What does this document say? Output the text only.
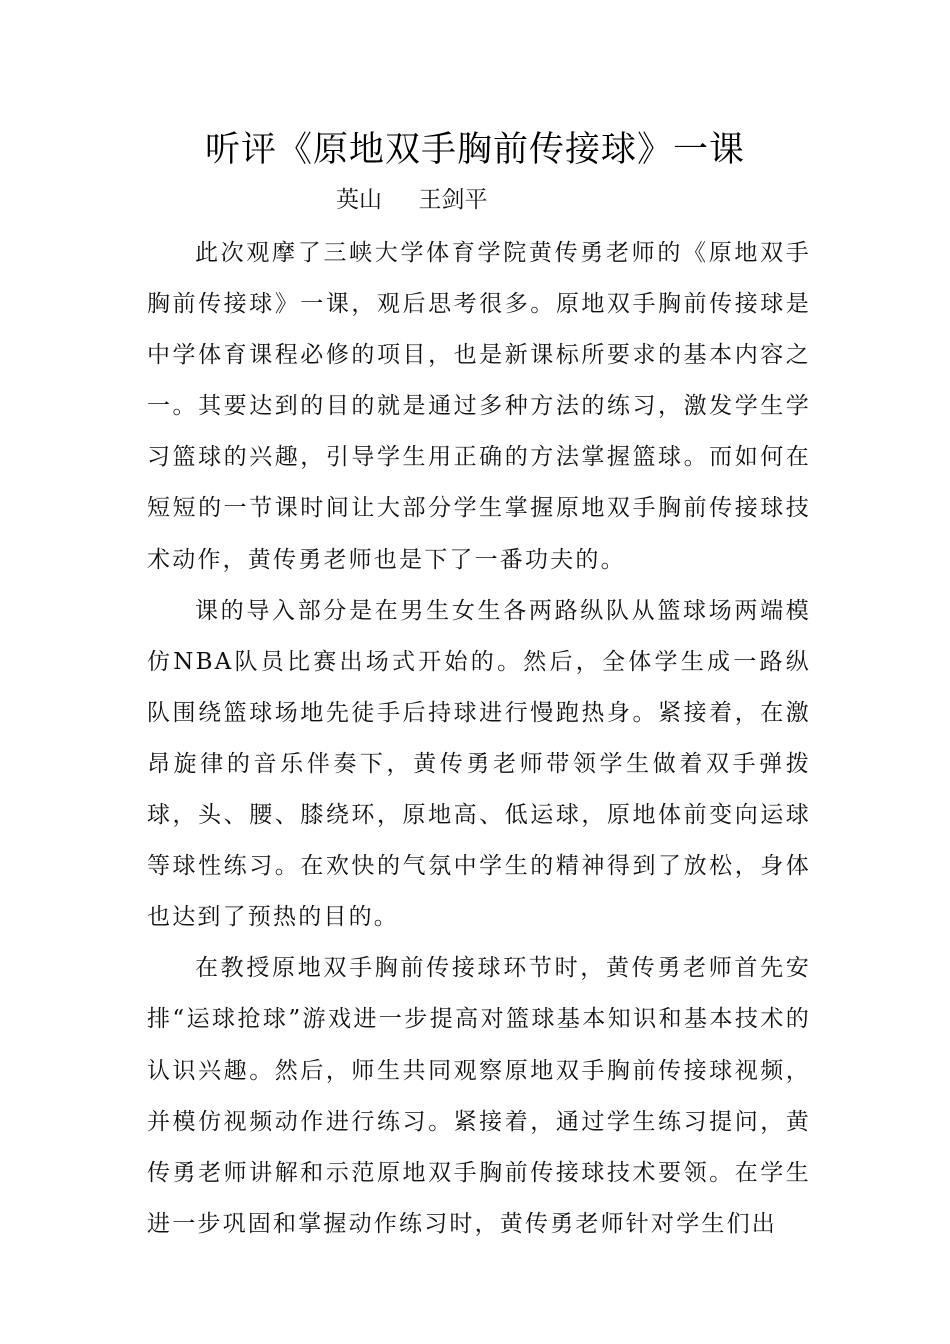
听评《原地双手胸前传接球》一课
英山     王剑平

此次观摩了三峡大学体育学院黄传勇老师的《原地双手胸前传接球》一课，观后思考很多。原地双手胸前传接球是中学体育课程必修的项目，也是新课标所要求的基本内容之一。其要达到的目的就是通过多种方法的练习，激发学生学习篮球的兴趣，引导学生用正确的方法掌握篮球。而如何在短短的一节课时间让大部分学生掌握原地双手胸前传接球技术动作，黄传勇老师也是下了一番功夫的。

课的导入部分是在男生女生各两路纵队从篮球场两端模仿NBA队员比赛出场式开始的。然后，全体学生成一路纵队围绕篮球场地先徒手后持球进行慢跑热身。紧接着，在激昂旋律的音乐伴奏下，黄传勇老师带领学生做着双手弹拨球，头、腰、膝绕环，原地高、低运球，原地体前变向运球等球性练习。在欢快的气氛中学生的精神得到了放松，身体也达到了预热的目的。

在教授原地双手胸前传接球环节时，黄传勇老师首先安排“运球抢球”游戏进一步提高对篮球基本知识和基本技术的认识兴趣。然后，师生共同观察原地双手胸前传接球视频，并模仿视频动作进行练习。紧接着，通过学生练习提问，黄传勇老师讲解和示范原地双手胸前传接球技术要领。在学生进一步巩固和掌握动作练习时，黄传勇老师针对学生们出
